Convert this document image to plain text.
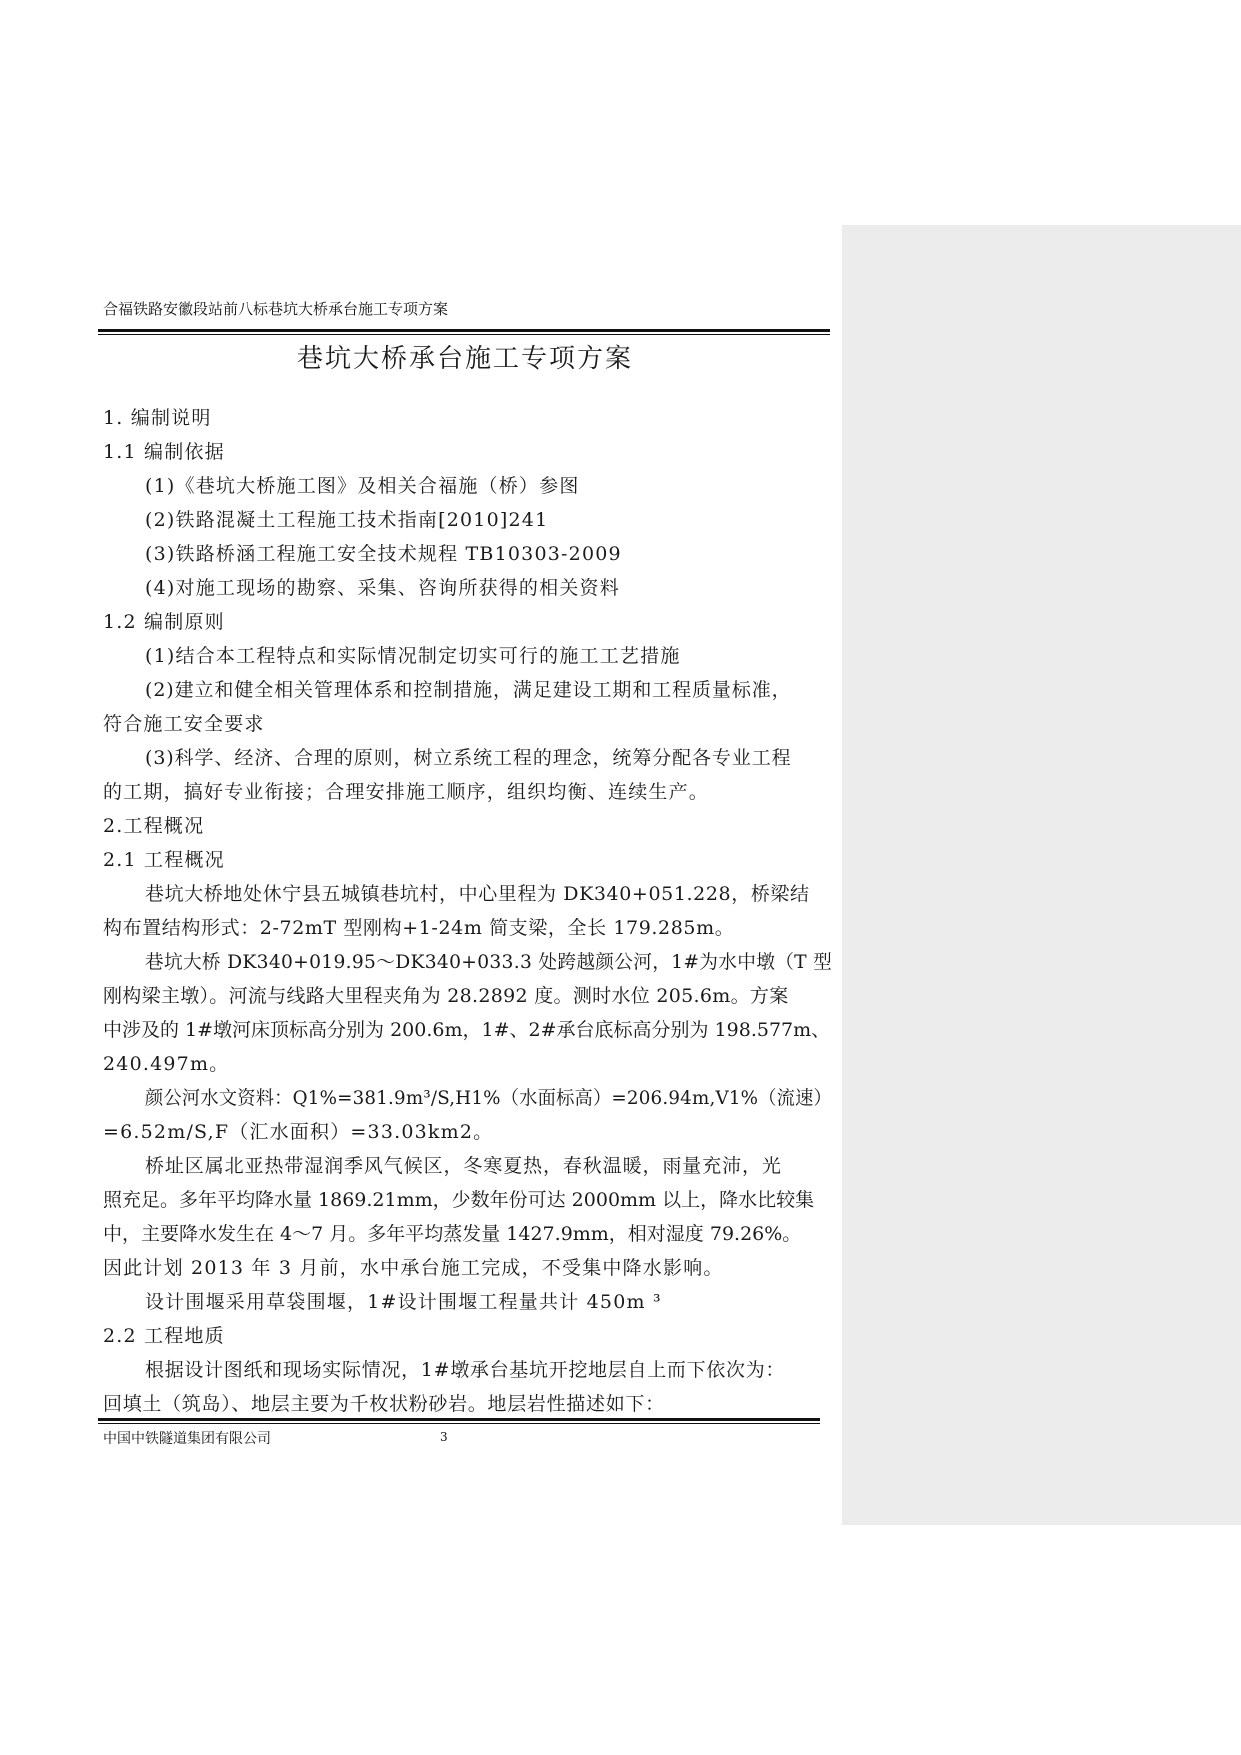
合福铁路安徽段站前八标巷坑大桥承台施工专项方案
巷坑大桥承台施工专项方案
1. 编制说明
1.1 编制依据
(1)《巷坑大桥施工图》及相关合福施（桥）参图
(2)铁路混凝土工程施工技术指南[2010]241
(3)铁路桥涵工程施工安全技术规程 TB10303-2009
(4)对施工现场的勘察、采集、咨询所获得的相关资料
1.2 编制原则
(1)结合本工程特点和实际情况制定切实可行的施工工艺措施
(2)建立和健全相关管理体系和控制措施，满足建设工期和工程质量标准，
符合施工安全要求
(3)科学、经济、合理的原则，树立系统工程的理念，统筹分配各专业工程
的工期，搞好专业衔接；合理安排施工顺序，组织均衡、连续生产。
2.工程概况
2.1 工程概况
巷坑大桥地处休宁县五城镇巷坑村，中心里程为 DK340+051.228，桥梁结
构布置结构形式：2-72mT 型刚构+1-24m 简支梁，全长 179.285m。
巷坑大桥 DK340+019.95～DK340+033.3 处跨越颜公河，1#为水中墩（T 型
刚构梁主墩）。河流与线路大里程夹角为 28.2892 度。测时水位 205.6m。方案
中涉及的 1#墩河床顶标高分别为 200.6m，1#、2#承台底标高分别为 198.577m、
240.497m。
颜公河水文资料：Q1%=381.9m³/S,H1%（水面标高）=206.94m,V1%（流速）
=6.52m/S,F（汇水面积）=33.03km2。
桥址区属北亚热带湿润季风气候区，冬寒夏热，春秋温暖，雨量充沛，光
照充足。多年平均降水量 1869.21mm，少数年份可达 2000mm 以上，降水比较集
中，主要降水发生在 4～7 月。多年平均蒸发量 1427.9mm，相对湿度 79.26%。
因此计划 2013 年 3 月前，水中承台施工完成，不受集中降水影响。
设计围堰采用草袋围堰，1#设计围堰工程量共计 450m ³
2.2 工程地质
根据设计图纸和现场实际情况，1#墩承台基坑开挖地层自上而下依次为：
回填土（筑岛）、地层主要为千枚状粉砂岩。地层岩性描述如下：
中国中铁隧道集团有限公司	3
